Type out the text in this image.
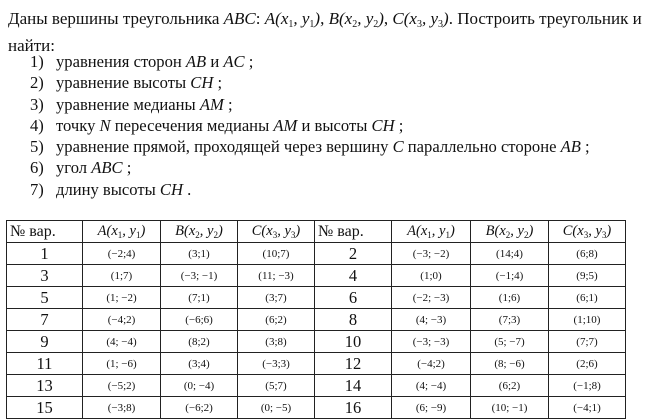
Даны вершины треугольника ABC: $A(x_1$, $y_1$), $B(x_2$, $y_2$), $C(x_3$, $y_3$). Построить треугольник и найти:
1) уравнения сторон AB и AC ;
2) уравнение высоты CH ;
3) уравнение медианы AM ;
4) точку N пересечения медианы AM и высоты CH ;
5) уравнение прямой, проходящей через вершину C параллельно стороне AB ;
6) угол ABC ;
7) длину высоты CH .
№ вар.	$A(x_1$, $y_1$)	$B(x_2$, $y_2$)	$C(x_3$, $y_3$)	№ вар.	$A(x_1$, $y_1$)	$B(x_2$, $y_2$)	$C(x_3$, $y_3$)
1	(−2;4)	(3;1)	(10;7)	2	(−3; −2)	(14;4)	(6;8)
3	(1;7)	(−3; −1)	(11; −3)	4	(1;0)	(−1;4)	(9;5)
5	(1; −2)	(7;1)	(3;7)	6	(−2; −3)	(1;6)	(6;1)
7	(−4;2)	(−6;6)	(6;2)	8	(4; −3)	(7;3)	(1;10)
9	(4; −4)	(8;2)	(3;8)	10	(−3; −3)	(5; −7)	(7;7)
11	(1; −6)	(3;4)	(−3;3)	12	(−4;2)	(8; −6)	(2;6)
13	(−5;2)	(0; −4)	(5;7)	14	(4; −4)	(6;2)	(−1;8)
15	(−3;8)	(−6;2)	(0; −5)	16	(6; −9)	(10; −1)	(−4;1)
